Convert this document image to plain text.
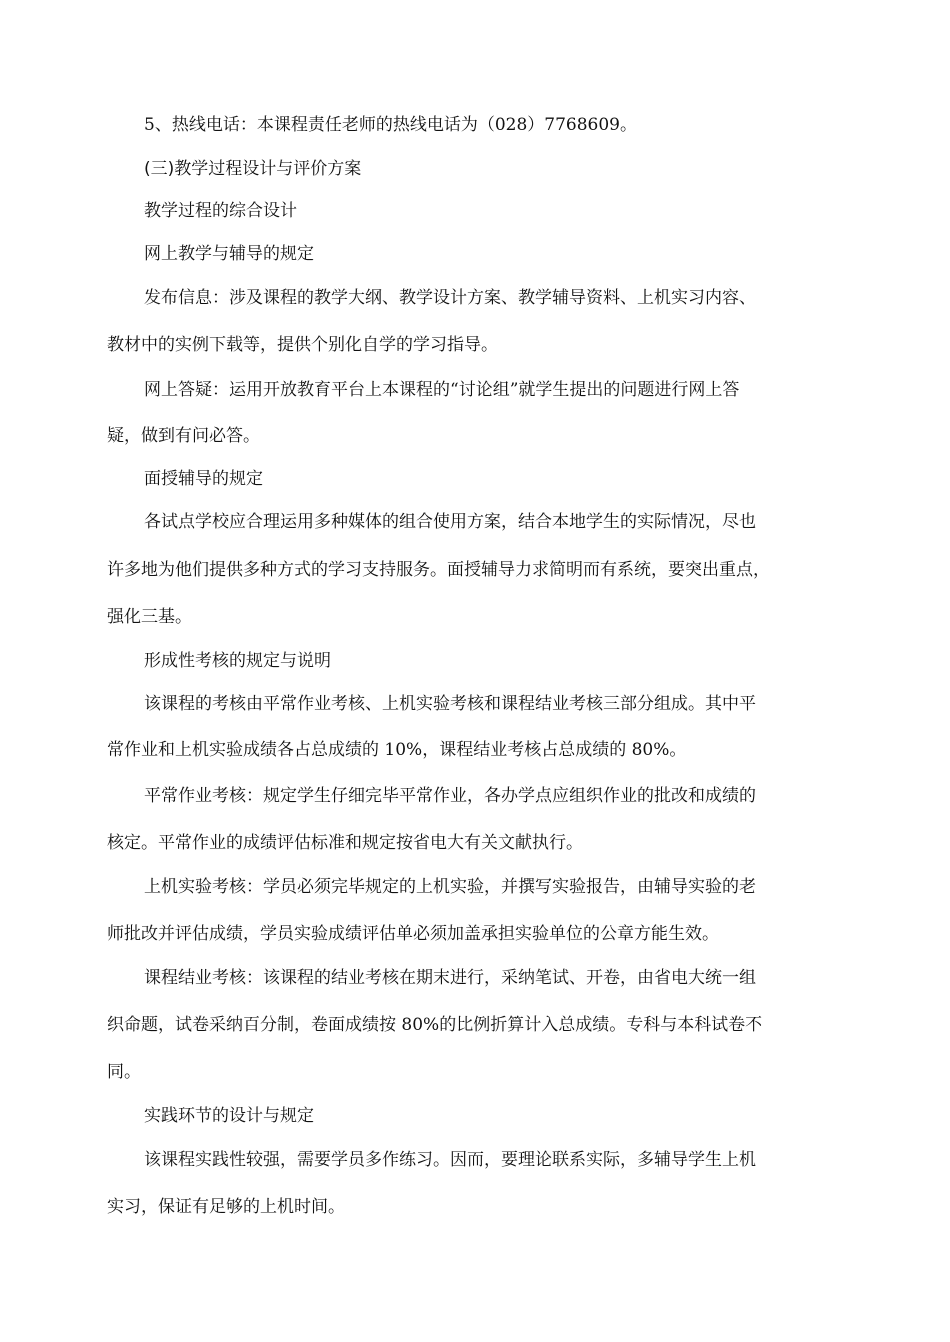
5、热线电话：本课程责任老师的热线电话为（028）7768609。
(三)教学过程设计与评价方案
教学过程的综合设计
网上教学与辅导的规定
发布信息：涉及课程的教学大纲、教学设计方案、教学辅导资料、上机实习内容、
教材中的实例下载等，提供个别化自学的学习指导。
网上答疑：运用开放教育平台上本课程的“讨论组”就学生提出的问题进行网上答
疑，做到有问必答。
面授辅导的规定
各试点学校应合理运用多种媒体的组合使用方案，结合本地学生的实际情况，尽也
许多地为他们提供多种方式的学习支持服务。面授辅导力求简明而有系统，要突出重点，
强化三基。
形成性考核的规定与说明
该课程的考核由平常作业考核、上机实验考核和课程结业考核三部分组成。其中平
常作业和上机实验成绩各占总成绩的 10%，课程结业考核占总成绩的 80%。
平常作业考核：规定学生仔细完毕平常作业，各办学点应组织作业的批改和成绩的
核定。平常作业的成绩评估标准和规定按省电大有关文献执行。
上机实验考核：学员必须完毕规定的上机实验，并撰写实验报告，由辅导实验的老
师批改并评估成绩，学员实验成绩评估单必须加盖承担实验单位的公章方能生效。
课程结业考核：该课程的结业考核在期末进行，采纳笔试、开卷，由省电大统一组
织命题，试卷采纳百分制，卷面成绩按 80%的比例折算计入总成绩。专科与本科试卷不
同。
实践环节的设计与规定
该课程实践性较强，需要学员多作练习。因而，要理论联系实际，多辅导学生上机
实习，保证有足够的上机时间。
